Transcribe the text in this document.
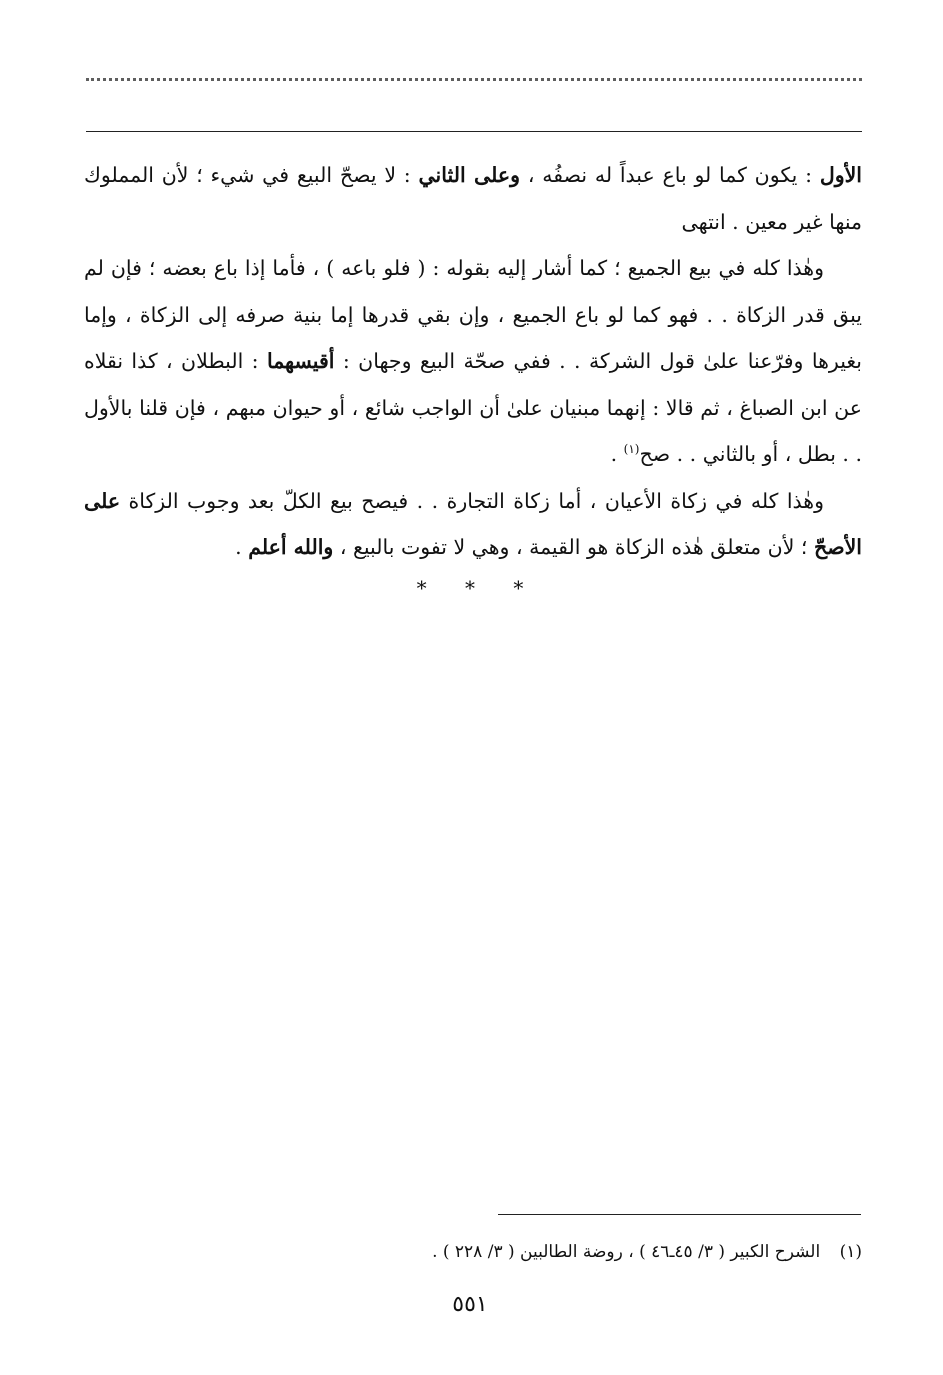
الأول : يكون كما لو باع عبداً له نصفُه ، وعلى الثاني : لا يصحّ البيع في شيء ؛ لأن المملوك منها غير معين . انتهى

وهٰذا كله في بيع الجميع ؛ كما أشار إليه بقوله : ( فلو باعه ) ، فأما إذا باع بعضه ؛ فإن لم يبق قدر الزكاة . . فهو كما لو باع الجميع ، وإن بقي قدرها إما بنية صرفه إلى الزكاة ، وإما بغيرها وفرّعنا علىٰ قول الشركة . . ففي صحّة البيع وجهان : أقيسهما : البطلان ، كذا نقلاه عن ابن الصباغ ، ثم قالا : إنهما مبنيان علىٰ أن الواجب شائع ، أو حيوان مبهم ، فإن قلنا بالأول . . بطل ، أو بالثاني . . صح$^{(١)}$ .

وهٰذا كله في زكاة الأعيان ، أما زكاة التجارة . . فيصح بيع الكلّ بعد وجوب الزكاة على الأصحّ ؛ لأن متعلق هٰذه الزكاة هو القيمة ، وهي لا تفوت بالبيع ، والله أعلم .

* * *
(١) الشرح الكبير ( ٣/ ٤٥ـ٤٦ ) ، روضة الطالبين ( ٣/ ٢٢٨ ) .
٥٥١
